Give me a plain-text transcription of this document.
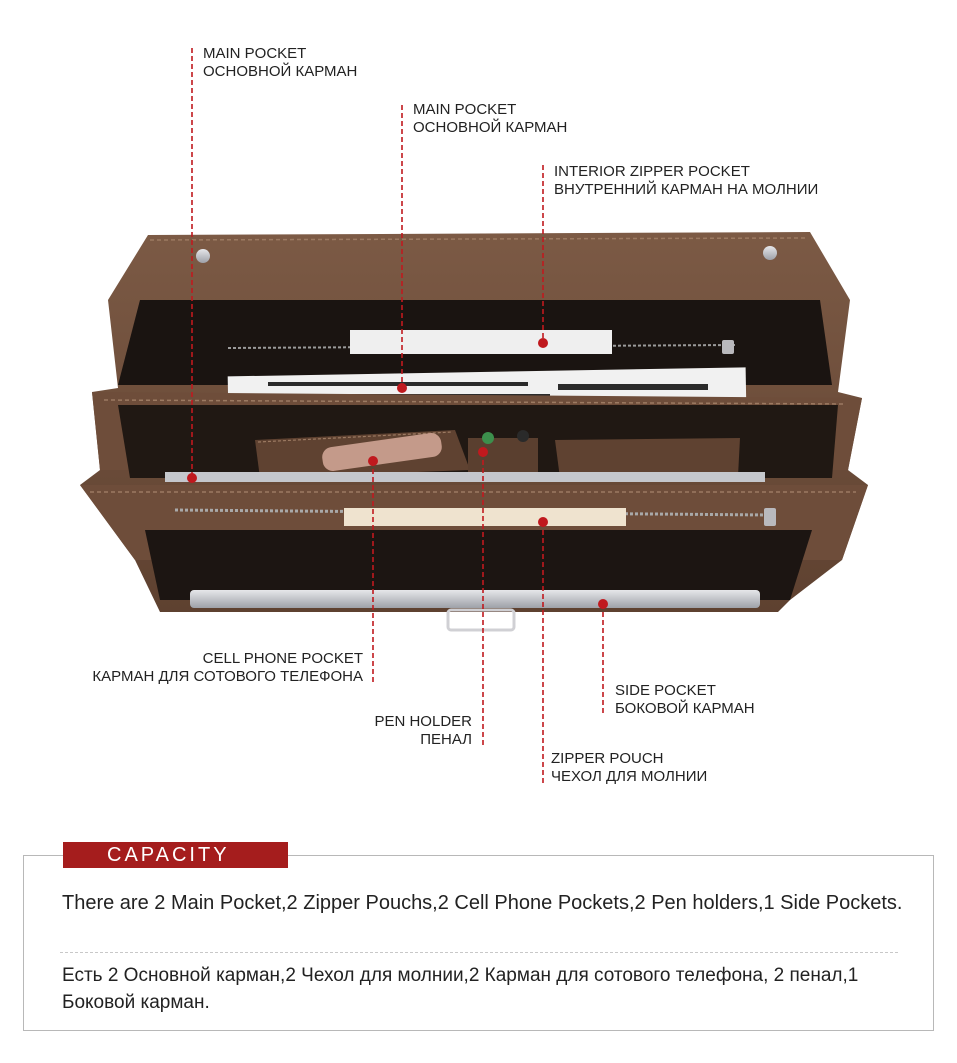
MAIN POCKET
ОСНОВНОЙ КАРМАН
MAIN POCKET
ОСНОВНОЙ КАРМАН
INTERIOR ZIPPER POCKET
ВНУТРЕННИЙ КАРМАН НА МОЛНИИ
CELL PHONE POCKET
КАРМАН ДЛЯ СОТОВОГО ТЕЛЕФОНА
PEN HOLDER
ПЕНАЛ
SIDE POCKET
БОКОВОЙ КАРМАН
ZIPPER POUCH
ЧЕХОЛ ДЛЯ МОЛНИИ
CAPACITY
There are 2 Main Pocket,2 Zipper Pouchs,2 Cell Phone Pockets,2 Pen holders,1 Side Pockets.
Есть 2 Основной карман,2 Чехол для молнии,2 Карман для сотового телефона, 2 пенал,1 Боковой карман.
